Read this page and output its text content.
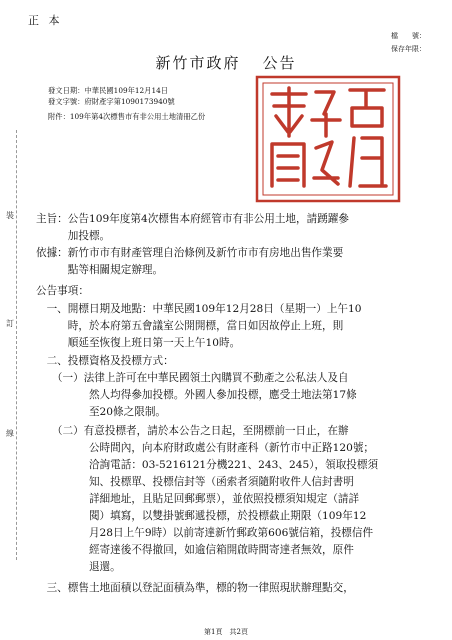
正 本
檔　　號：
保存年限：
新竹市政府 公告
發文日期：中華民國109年12月14日
發文字號：府財產字第1090173940號
附件：109年第4次標售市有非公用土地清冊乙份
裝
訂
線
主旨：公告109年度第4次標售本府經管市有非公用土地，請踴躍參
　　　加投標。
依據：新竹市市有財產管理自治條例及新竹市市有房地出售作業要
　　　點等相關規定辦理。
公告事項：
　一、開標日期及地點：中華民國109年12月28日（星期一）上午10
　　　時，於本府第五會議室公開開標，當日如因故停止上班，則
　　　順延至恢復上班日第一天上午10時。
　二、投標資格及投標方式：
　　（一）法律上許可在中華民國領土內購買不動產之公私法人及自
　　　　　然人均得參加投標。外國人參加投標，應受土地法第17條
　　　　　至20條之限制。
　　（二）有意投標者，請於本公告之日起，至開標前一日止，在辦
　　　　　公時間內，向本府財政處公有財產科（新竹市中正路120號；
　　　　　洽詢電話：03-5216121分機221、243、245），領取投標須
　　　　　知、投標單、投標信封等（函索者須隨附收件人信封書明
　　　　　詳細地址，且貼足回郵郵票），並依照投標須知規定（請詳
　　　　　閱）填寫，以雙掛號郵遞投標，於投標截止期限（109年12
　　　　　月28日上午9時）以前寄達新竹郵政第606號信箱，投標信件
　　　　　經寄達後不得撤回，如逾信箱開啟時間寄達者無效，原件
　　　　　退還。
　三、標售土地面積以登記面積為準，標的物一律照現狀辦理點交，
第1頁　共2頁
